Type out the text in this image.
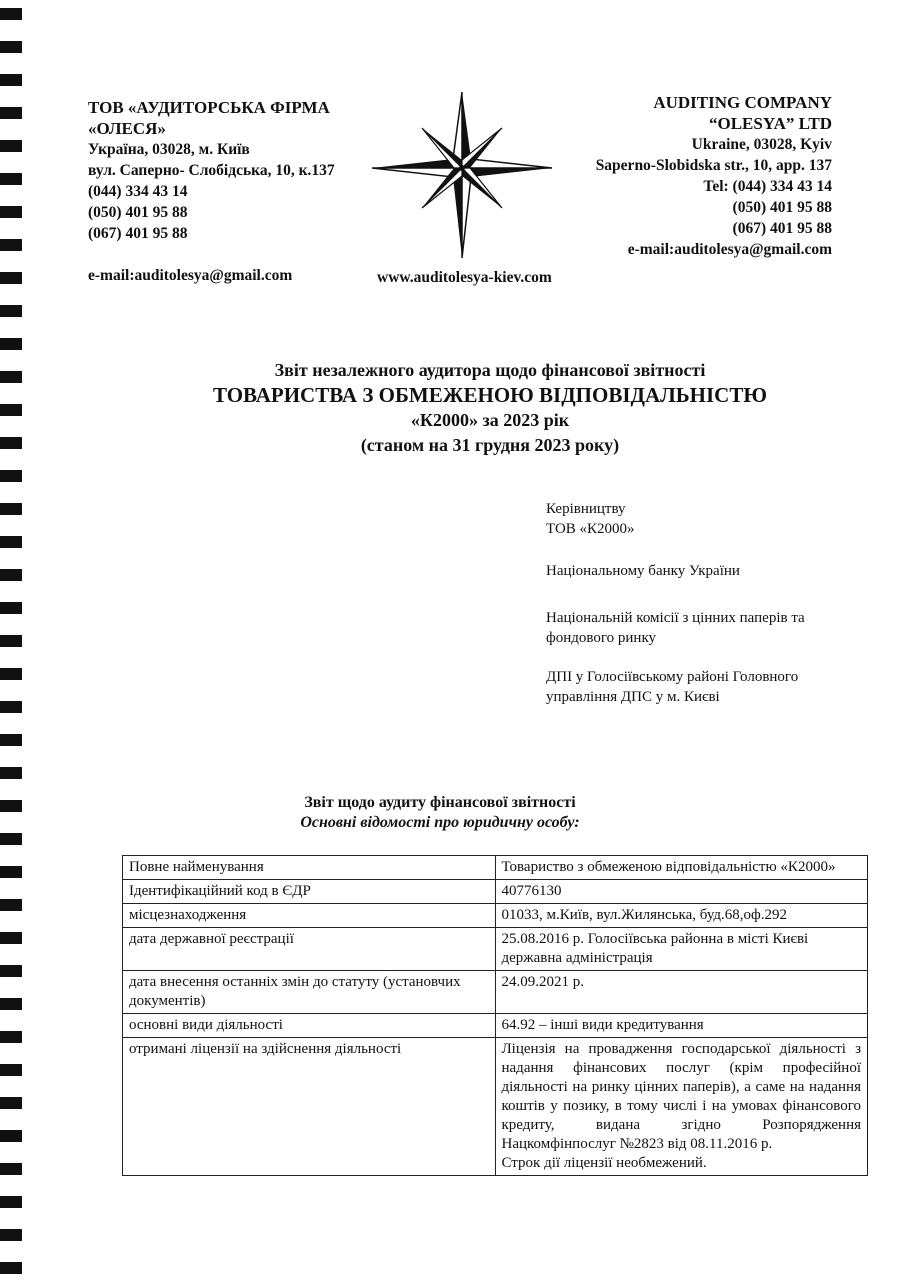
ТОВ «АУДИТОРСЬКА ФІРМА
«ОЛЕСЯ»
Україна, 03028, м. Київ
вул. Саперно- Слобідська, 10, к.137
(044) 334 43 14
(050) 401 95 88
(067) 401 95 88
e-mail:auditolesya@gmail.com
AUDITING COMPANY
“OLESYA” LTD
Ukraine, 03028, Kyiv
Saperno-Slobidska str., 10, app. 137
Tel: (044) 334 43 14
(050) 401 95 88
(067) 401 95 88
e-mail:auditolesya@gmail.com
www.auditolesya-kiev.com
Звіт незалежного аудитора щодо фінансової звітності
ТОВАРИСТВА З ОБМЕЖЕНОЮ ВІДПОВІДАЛЬНІСТЮ
«К2000» за 2023 рік
(станом на 31 грудня 2023 року)
Керівництву
ТОВ «К2000»
Національному банку України
Національній комісії з цінних паперів та
фондового ринку
ДПІ у Голосіївському районі Головного
управління ДПС у м. Києві
Звіт щодо аудиту фінансової звітності
Основні відомості про юридичну особу:
Повне найменування	Товариство з обмеженою відповідальністю «К2000»
Ідентифікаційний код в ЄДР	40776130
місцезнаходження	01033, м.Київ, вул.Жилянська, буд.68,оф.292
дата державної реєстрації	25.08.2016 р. Голосіївська районна в місті Києві державна адміністрація
дата внесення останніх змін до статуту (установчих документів)	24.09.2021 р.
основні види діяльності	64.92 – інші види кредитування
отримані ліцензії на здійснення діяльності	Ліцензія на провадження господарської діяльності з надання фінансових послуг (крім професійної діяльності на ринку цінних паперів), а саме на надання коштів у позику, в тому числі і на умовах фінансового кредиту, видана згідно Розпорядження Нацкомфінпослуг №2823 від 08.11.2016 р.
Строк дії ліцензії необмежений.
